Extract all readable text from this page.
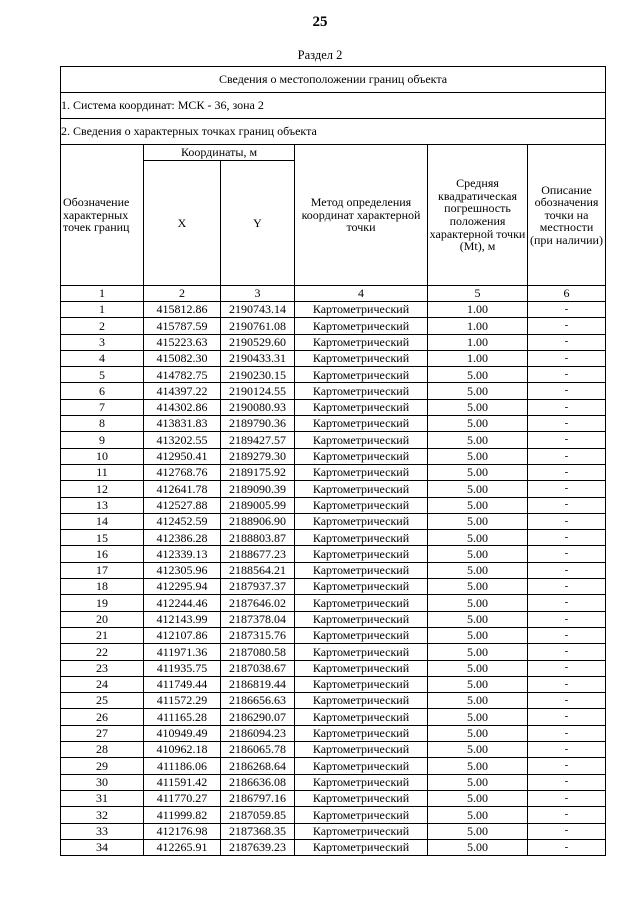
25
Раздел 2
Сведения о местоположении границ объекта					
1. Система координат: МСК - 36, зона 2					
2. Сведения о характерных точках границ объекта					
Обозначение характерных точек границ	Координаты, м		Метод определения координат характерной точки	Средняя квадратическая погрешность положения характерной точки (Mt), м	Описание обозначения точки на местности (при наличии)
	X	Y			
1	2	3	4	5	6
1	415812.86	2190743.14	Картометрический	1.00	-
2	415787.59	2190761.08	Картометрический	1.00	-
3	415223.63	2190529.60	Картометрический	1.00	-
4	415082.30	2190433.31	Картометрический	1.00	-
5	414782.75	2190230.15	Картометрический	5.00	-
6	414397.22	2190124.55	Картометрический	5.00	-
7	414302.86	2190080.93	Картометрический	5.00	-
8	413831.83	2189790.36	Картометрический	5.00	-
9	413202.55	2189427.57	Картометрический	5.00	-
10	412950.41	2189279.30	Картометрический	5.00	-
11	412768.76	2189175.92	Картометрический	5.00	-
12	412641.78	2189090.39	Картометрический	5.00	-
13	412527.88	2189005.99	Картометрический	5.00	-
14	412452.59	2188906.90	Картометрический	5.00	-
15	412386.28	2188803.87	Картометрический	5.00	-
16	412339.13	2188677.23	Картометрический	5.00	-
17	412305.96	2188564.21	Картометрический	5.00	-
18	412295.94	2187937.37	Картометрический	5.00	-
19	412244.46	2187646.02	Картометрический	5.00	-
20	412143.99	2187378.04	Картометрический	5.00	-
21	412107.86	2187315.76	Картометрический	5.00	-
22	411971.36	2187080.58	Картометрический	5.00	-
23	411935.75	2187038.67	Картометрический	5.00	-
24	411749.44	2186819.44	Картометрический	5.00	-
25	411572.29	2186656.63	Картометрический	5.00	-
26	411165.28	2186290.07	Картометрический	5.00	-
27	410949.49	2186094.23	Картометрический	5.00	-
28	410962.18	2186065.78	Картометрический	5.00	-
29	411186.06	2186268.64	Картометрический	5.00	-
30	411591.42	2186636.08	Картометрический	5.00	-
31	411770.27	2186797.16	Картометрический	5.00	-
32	411999.82	2187059.85	Картометрический	5.00	-
33	412176.98	2187368.35	Картометрический	5.00	-
34	412265.91	2187639.23	Картометрический	5.00	-
